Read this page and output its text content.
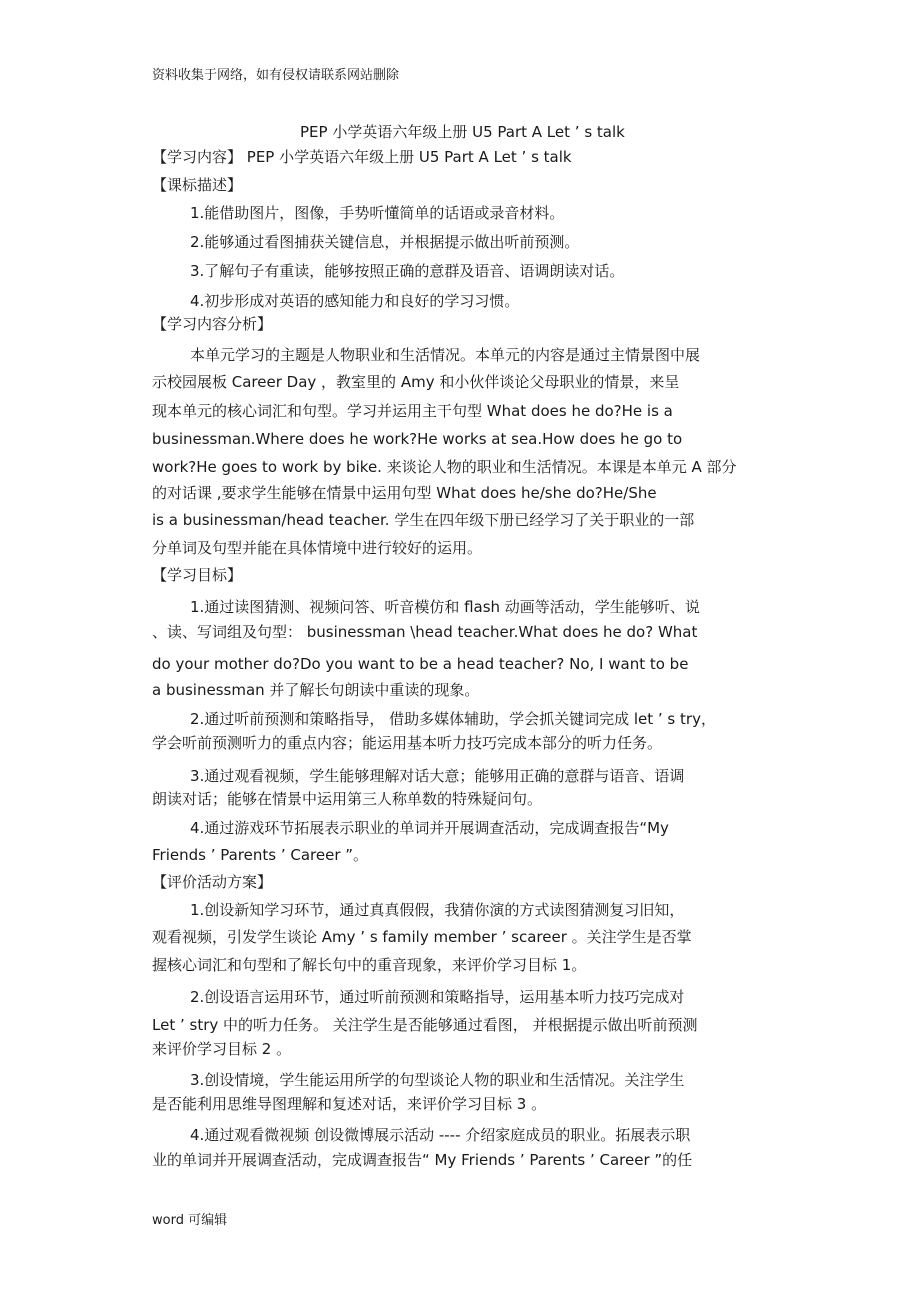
资料收集于网络，如有侵权请联系网站删除

PEP 小学英语六年级上册 U5 Part A Let ’ s talk

【学习内容】 PEP 小学英语六年级上册 U5 Part A Let ’ s talk

【课标描述】

1.能借助图片，图像，手势听懂简单的话语或录音材料。

2.能够通过看图捕获关键信息，并根据提示做出听前预测。

3.了解句子有重读，能够按照正确的意群及语音、语调朗读对话。

4.初步形成对英语的感知能力和良好的学习习惯。

【学习内容分析】

本单元学习的主题是人物职业和生活情况。本单元的内容是通过主情景图中展

示校园展板 Career Day ，教室里的 Amy 和小伙伴谈论父母职业的情景，来呈

现本单元的核心词汇和句型。学习并运用主干句型 What does he do?He is a

businessman.Where does he work?He works at sea.How does he go to

work?He goes to work by bike. 来谈论人物的职业和生活情况。本课是本单元 A 部分

的对话课 ,要求学生能够在情景中运用句型 What does he/she do?He/She

is a businessman/head teacher. 学生在四年级下册已经学习了关于职业的一部

分单词及句型并能在具体情境中进行较好的运用。

【学习目标】

1.通过读图猜测、视频问答、听音模仿和 flash 动画等活动，学生能够听、说

、读、写词组及句型： businessman \head teacher.What does he do? What

do your mother do?Do you want to be a head teacher? No, I want to be

a businessman 并了解长句朗读中重读的现象。

2.通过听前预测和策略指导， 借助多媒体辅助，学会抓关键词完成 let ’ s try，

学会听前预测听力的重点内容；能运用基本听力技巧完成本部分的听力任务。

3.通过观看视频，学生能够理解对话大意；能够用正确的意群与语音、语调

朗读对话；能够在情景中运用第三人称单数的特殊疑问句。

4.通过游戏环节拓展表示职业的单词并开展调查活动，完成调查报告“My

Friends ’ Parents ’ Career ”。

【评价活动方案】

1.创设新知学习环节，通过真真假假，我猜你演的方式读图猜测复习旧知，

观看视频，引发学生谈论 Amy ’ s family member ’ scareer 。关注学生是否掌

握核心词汇和句型和了解长句中的重音现象，来评价学习目标 1。

2.创设语言运用环节，通过听前预测和策略指导，运用基本听力技巧完成对

Let ’ stry 中的听力任务。 关注学生是否能够通过看图， 并根据提示做出听前预测

来评价学习目标 2 。

3.创设情境，学生能运用所学的句型谈论人物的职业和生活情况。关注学生

是否能利用思维导图理解和复述对话，来评价学习目标 3 。

4.通过观看微视频 创设微博展示活动 ---- 介绍家庭成员的职业。拓展表示职

业的单词并开展调查活动，完成调查报告“ My Friends ’ Parents ’ Career ”的任

word 可编辑
